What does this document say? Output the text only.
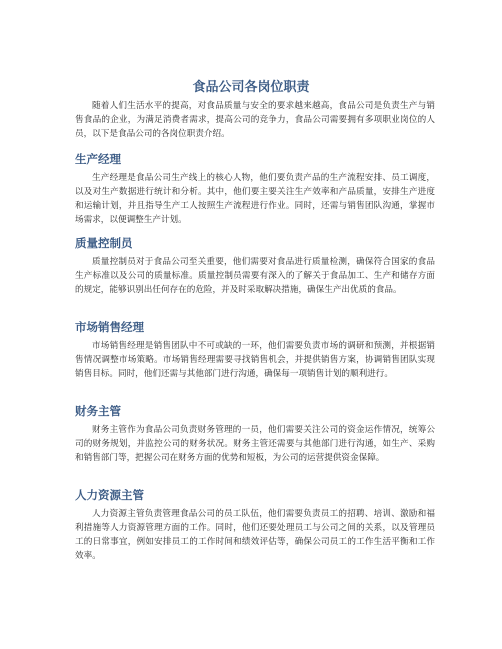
食品公司各岗位职责

随着人们生活水平的提高，对食品质量与安全的要求越来越高，食品公司是负责生产与销售食品的企业，为满足消费者需求，提高公司的竞争力，食品公司需要拥有多项职业岗位的人员，以下是食品公司的各岗位职责介绍。

生产经理

生产经理是食品公司生产线上的核心人物，他们要负责产品的生产流程安排、员工调度，以及对生产数据进行统计和分析。其中，他们要主要关注生产效率和产品质量，安排生产进度和运输计划，并且指导生产工人按照生产流程进行作业。同时，还需与销售团队沟通，掌握市场需求，以便调整生产计划。

质量控制员

质量控制员对于食品公司至关重要，他们需要对食品进行质量检测，确保符合国家的食品生产标准以及公司的质量标准。质量控制员需要有深入的了解关于食品加工、生产和储存方面的规定，能够识别出任何存在的危险，并及时采取解决措施，确保生产出优质的食品。

市场销售经理

市场销售经理是销售团队中不可或缺的一环，他们需要负责市场的调研和预测，并根据销售情况调整市场策略。市场销售经理需要寻找销售机会，并提供销售方案，协调销售团队实现销售目标。同时，他们还需与其他部门进行沟通，确保每一项销售计划的顺利进行。

财务主管

财务主管作为食品公司负责财务管理的一员，他们需要关注公司的资金运作情况，统筹公司的财务规划，并监控公司的财务状况。财务主管还需要与其他部门进行沟通，如生产、采购和销售部门等，把握公司在财务方面的优势和短板，为公司的运营提供资金保障。

人力资源主管

人力资源主管负责管理食品公司的员工队伍，他们需要负责员工的招聘、培训、激励和福利措施等人力资源管理方面的工作。同时，他们还要处理员工与公司之间的关系，以及管理员工的日常事宜，例如安排员工的工作时间和绩效评估等，确保公司员工的工作生活平衡和工作效率。
